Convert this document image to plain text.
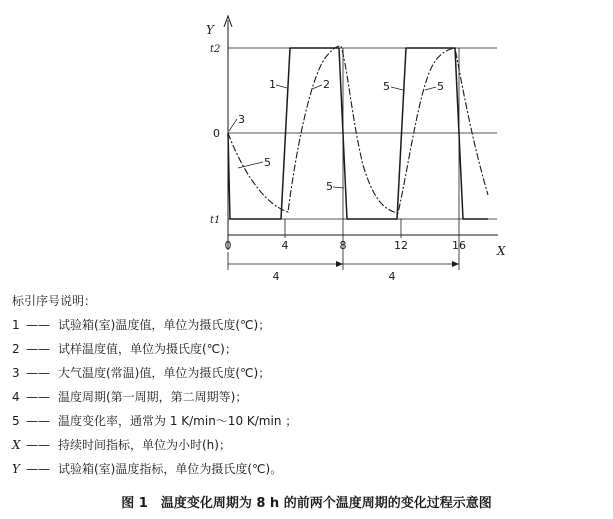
Y
X
t2
0
t1
0	4	8	12	16
4	4
1	2
3
5
5
5	5
标引序号说明：
1 —— 试验箱(室)温度值，单位为摄氏度(℃)；
2 —— 试样温度值，单位为摄氏度(℃)；
3 —— 大气温度(常温)值，单位为摄氏度(℃)；
4 —— 温度周期(第一周期，第二周期等)；
5 —— 温度变化率，通常为 1 K/min～10 K/min ；
X —— 持续时间指标，单位为小时(h)；
Y —— 试验箱(室)温度指标，单位为摄氏度(℃)。
图 1　温度变化周期为 8 h 的前两个温度周期的变化过程示意图
